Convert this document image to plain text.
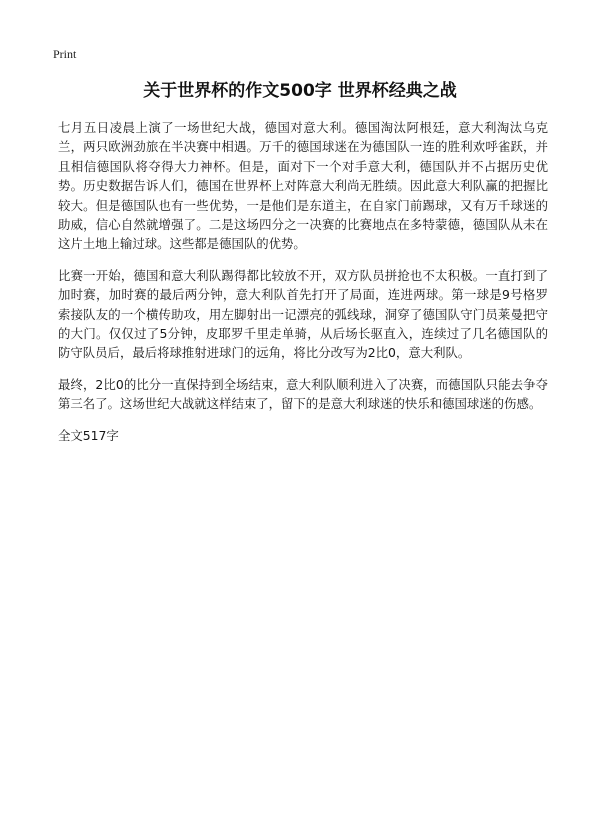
Print
关于世界杯的作文500字 世界杯经典之战

七月五日凌晨上演了一场世纪大战，德国对意大利。德国淘汰阿根廷，意大利淘汰乌克兰，两只欧洲劲旅在半决赛中相遇。万千的德国球迷在为德国队一连的胜利欢呼雀跃，并且相信德国队将夺得大力神杯。但是，面对下一个对手意大利，德国队并不占据历史优势。历史数据告诉人们，德国在世界杯上对阵意大利尚无胜绩。因此意大利队赢的把握比较大。但是德国队也有一些优势，一是他们是东道主，在自家门前踢球，又有万千球迷的助威，信心自然就增强了。二是这场四分之一决赛的比赛地点在多特蒙德，德国队从未在这片土地上输过球。这些都是德国队的优势。

比赛一开始，德国和意大利队踢得都比较放不开，双方队员拼抢也不太积极。一直打到了加时赛，加时赛的最后两分钟，意大利队首先打开了局面，连进两球。第一球是9号格罗索接队友的一个横传助攻，用左脚射出一记漂亮的弧线球，洞穿了德国队守门员莱曼把守的大门。仅仅过了5分钟，皮耶罗千里走单骑，从后场长驱直入，连续过了几名德国队的防守队员后，最后将球推射进球门的远角，将比分改写为2比0，意大利队。

最终，2比0的比分一直保持到全场结束，意大利队顺利进入了决赛，而德国队只能去争夺第三名了。这场世纪大战就这样结束了，留下的是意大利球迷的快乐和德国球迷的伤感。

全文517字
